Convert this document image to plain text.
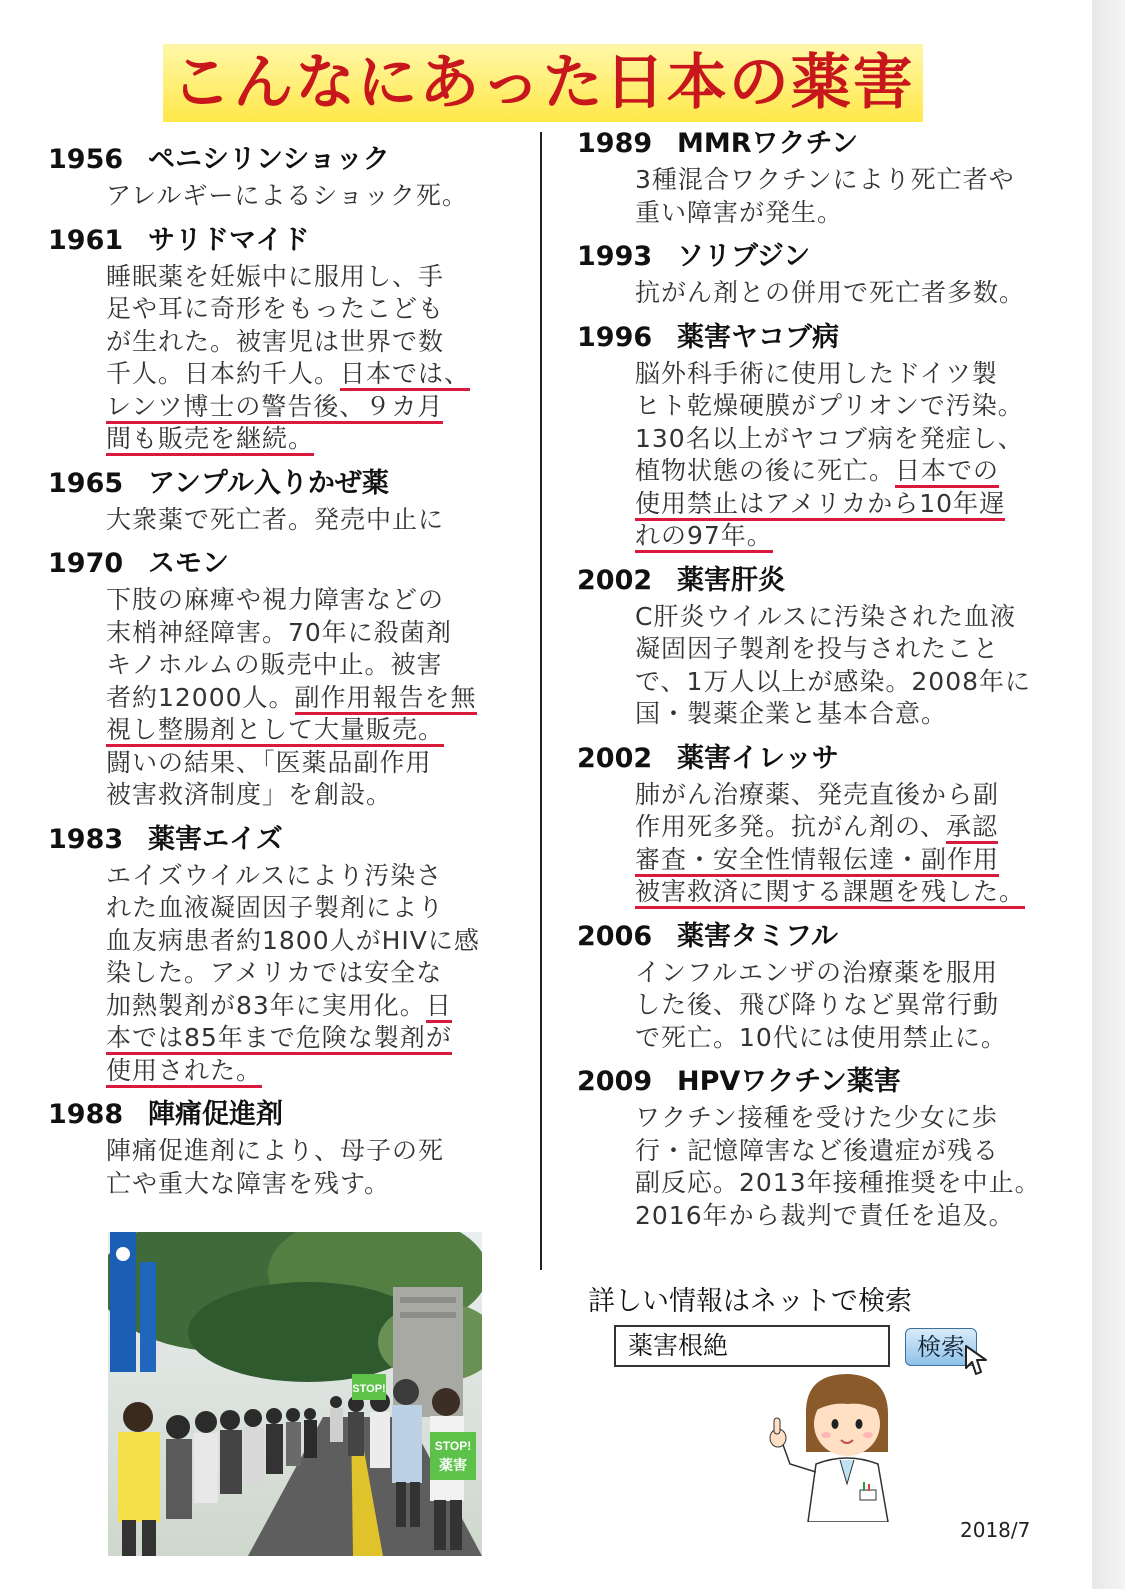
こんなにあった日本の薬害
1956 ペニシリンショック
アレルギーによるショック死。
1961 サリドマイド
睡眠薬を妊娠中に服用し、手
足や耳に奇形をもったこども
が生れた。被害児は世界で数
千人。日本約千人。日本では、
レンツ博士の警告後、９カ月
間も販売を継続。
1965 アンプル入りかぜ薬
大衆薬で死亡者。発売中止に
1970 スモン
下肢の麻痺や視力障害などの
末梢神経障害。70年に殺菌剤
キノホルムの販売中止。被害
者約12000人。副作用報告を無
視し整腸剤として大量販売。
闘いの結果、「医薬品副作用
被害救済制度」を創設。
1983 薬害エイズ
エイズウイルスにより汚染さ
れた血液凝固因子製剤により
血友病患者約1800人がHIVに感
染した。アメリカでは安全な
加熱製剤が83年に実用化。日
本では85年まで危険な製剤が
使用された。
1988 陣痛促進剤
陣痛促進剤により、母子の死
亡や重大な障害を残す。
1989 MMRワクチン
3種混合ワクチンにより死亡者や
重い障害が発生。
1993 ソリブジン
抗がん剤との併用で死亡者多数。
1996 薬害ヤコブ病
脳外科手術に使用したドイツ製
ヒト乾燥硬膜がプリオンで汚染。
130名以上がヤコブ病を発症し、
植物状態の後に死亡。日本での
使用禁止はアメリカから10年遅
れの97年。
2002 薬害肝炎
C肝炎ウイルスに汚染された血液
凝固因子製剤を投与されたこと
で、1万人以上が感染。2008年に
国・製薬企業と基本合意。
2002 薬害イレッサ
肺がん治療薬、発売直後から副
作用死多発。抗がん剤の、承認
審査・安全性情報伝達・副作用
被害救済に関する課題を残した。
2006 薬害タミフル
インフルエンザの治療薬を服用
した後、飛び降りなど異常行動
で死亡。10代には使用禁止に。
2009 HPVワクチン薬害
ワクチン接種を受けた少女に歩
行・記憶障害など後遺症が残る
副反応。2013年接種推奨を中止。
2016年から裁判で責任を追及。
STOP!
STOP!
薬害
詳しい情報はネットで検索
薬害根絶	検索
2018/7
